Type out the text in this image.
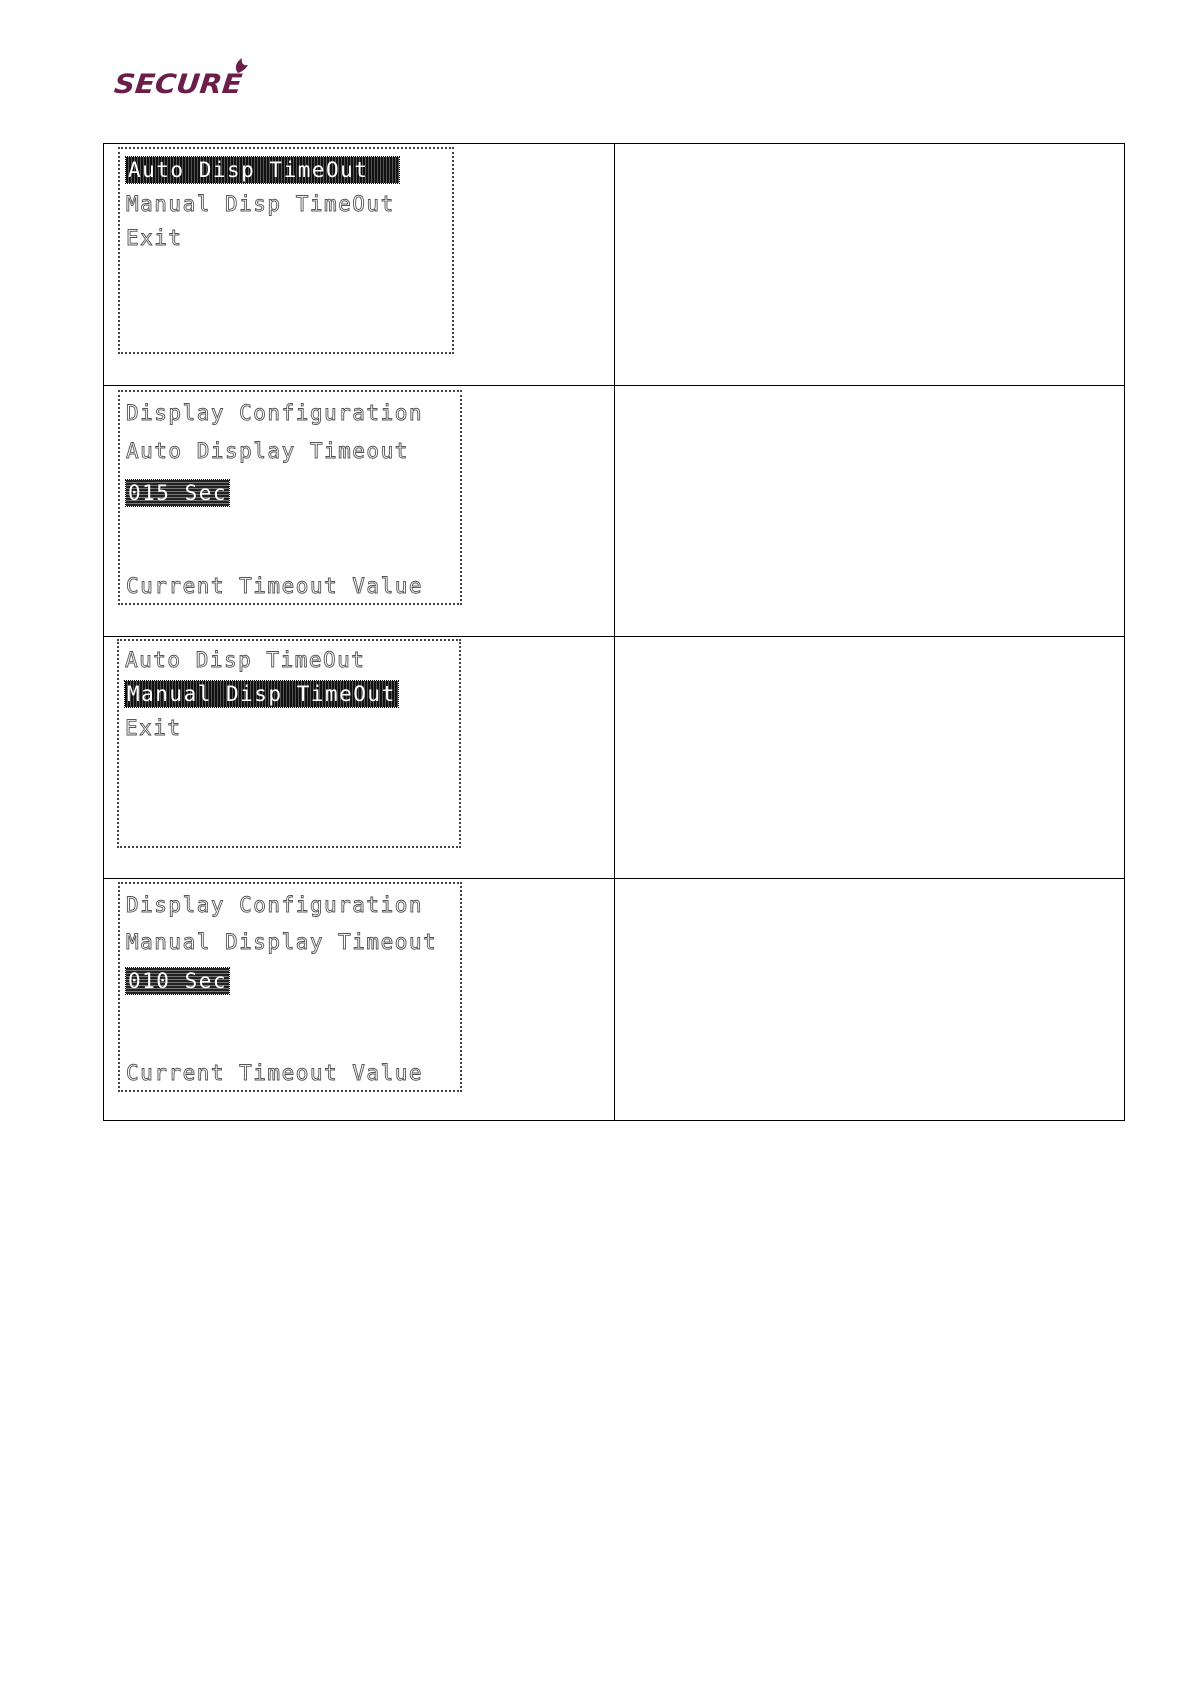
SECURE
Auto Disp TimeOut
Manual Disp TimeOut
Exit	

Display Configuration
Auto Display Timeout
015 Sec
Current Timeout Value	

Auto Disp TimeOut
Manual Disp TimeOut
Exit	

Display Configuration
Manual Display Timeout
010 Sec
Current Timeout Value	
